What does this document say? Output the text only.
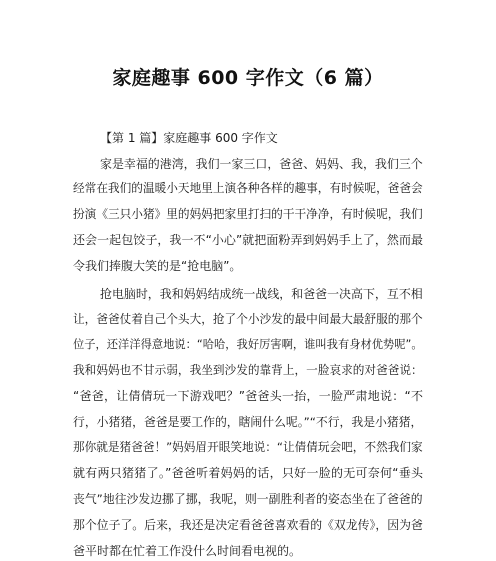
家庭趣事 600 字作文（6 篇）

【第 1 篇】家庭趣事 600 字作文

家是幸福的港湾，我们一家三口，爸爸、妈妈、我，我们三个

经常在我们的温暖小天地里上演各种各样的趣事，有时候呢，爸爸会

扮演《三只小猪》里的妈妈把家里打扫的干干净净，有时候呢，我们

还会一起包饺子，我一不“小心”就把面粉弄到妈妈手上了，然而最

令我们捧腹大笑的是“抢电脑”。

抢电脑时，我和妈妈结成统一战线，和爸爸一决高下，互不相

让，爸爸仗着自己个头大，抢了个小沙发的最中间最大最舒服的那个

位子，还洋洋得意地说：“哈哈，我好厉害啊，谁叫我有身材优势呢”。

我和妈妈也不甘示弱，我坐到沙发的靠背上，一脸哀求的对爸爸说：

“爸爸，让倩倩玩一下游戏吧？”爸爸头一抬，一脸严肃地说：“不

行，小猪猪，爸爸是要工作的，瞎闹什么呢。”“不行，我是小猪猪，

那你就是猪爸爸！”妈妈眉开眼笑地说：“让倩倩玩会吧，不然我们家

就有两只猪猪了。”爸爸听着妈妈的话，只好一脸的无可奈何“垂头

丧气”地往沙发边挪了挪，我呢，则一副胜利者的姿态坐在了爸爸的

那个位子了。后来，我还是决定看爸爸喜欢看的《双龙传》，因为爸

爸平时都在忙着工作没什么时间看电视的。
